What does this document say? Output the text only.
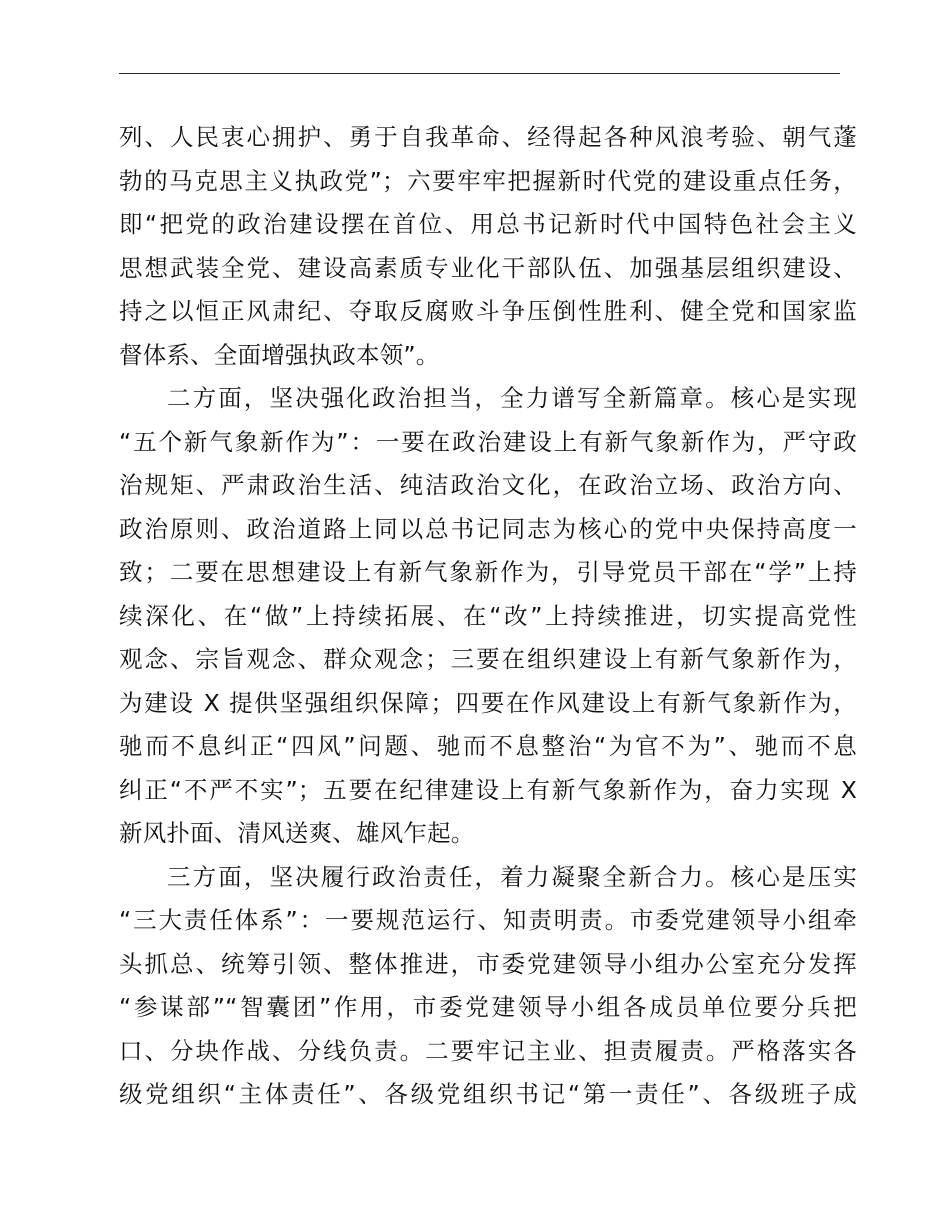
列、人民衷心拥护、勇于自我革命、经得起各种风浪考验、朝气蓬
勃的马克思主义执政党”；六要牢牢把握新时代党的建设重点任务，
即“把党的政治建设摆在首位、用总书记新时代中国特色社会主义
思想武装全党、建设高素质专业化干部队伍、加强基层组织建设、
持之以恒正风肃纪、夺取反腐败斗争压倒性胜利、健全党和国家监
督体系、全面增强执政本领”。
二方面，坚决强化政治担当，全力谱写全新篇章。核心是实现
“五个新气象新作为”：一要在政治建设上有新气象新作为，严守政
治规矩、严肃政治生活、纯洁政治文化，在政治立场、政治方向、
政治原则、政治道路上同以总书记同志为核心的党中央保持高度一
致；二要在思想建设上有新气象新作为，引导党员干部在“学”上持
续深化、在“做”上持续拓展、在“改”上持续推进，切实提高党性
观念、宗旨观念、群众观念；三要在组织建设上有新气象新作为，
为建设 X 提供坚强组织保障；四要在作风建设上有新气象新作为，
驰而不息纠正“四风”问题、驰而不息整治“为官不为”、驰而不息
纠正“不严不实”；五要在纪律建设上有新气象新作为，奋力实现 X
新风扑面、清风送爽、雄风乍起。
三方面，坚决履行政治责任，着力凝聚全新合力。核心是压实
“三大责任体系”：一要规范运行、知责明责。市委党建领导小组牵
头抓总、统筹引领、整体推进，市委党建领导小组办公室充分发挥
“参谋部”“智囊团”作用，市委党建领导小组各成员单位要分兵把
口、分块作战、分线负责。二要牢记主业、担责履责。严格落实各
级党组织“主体责任”、各级党组织书记“第一责任”、各级班子成
